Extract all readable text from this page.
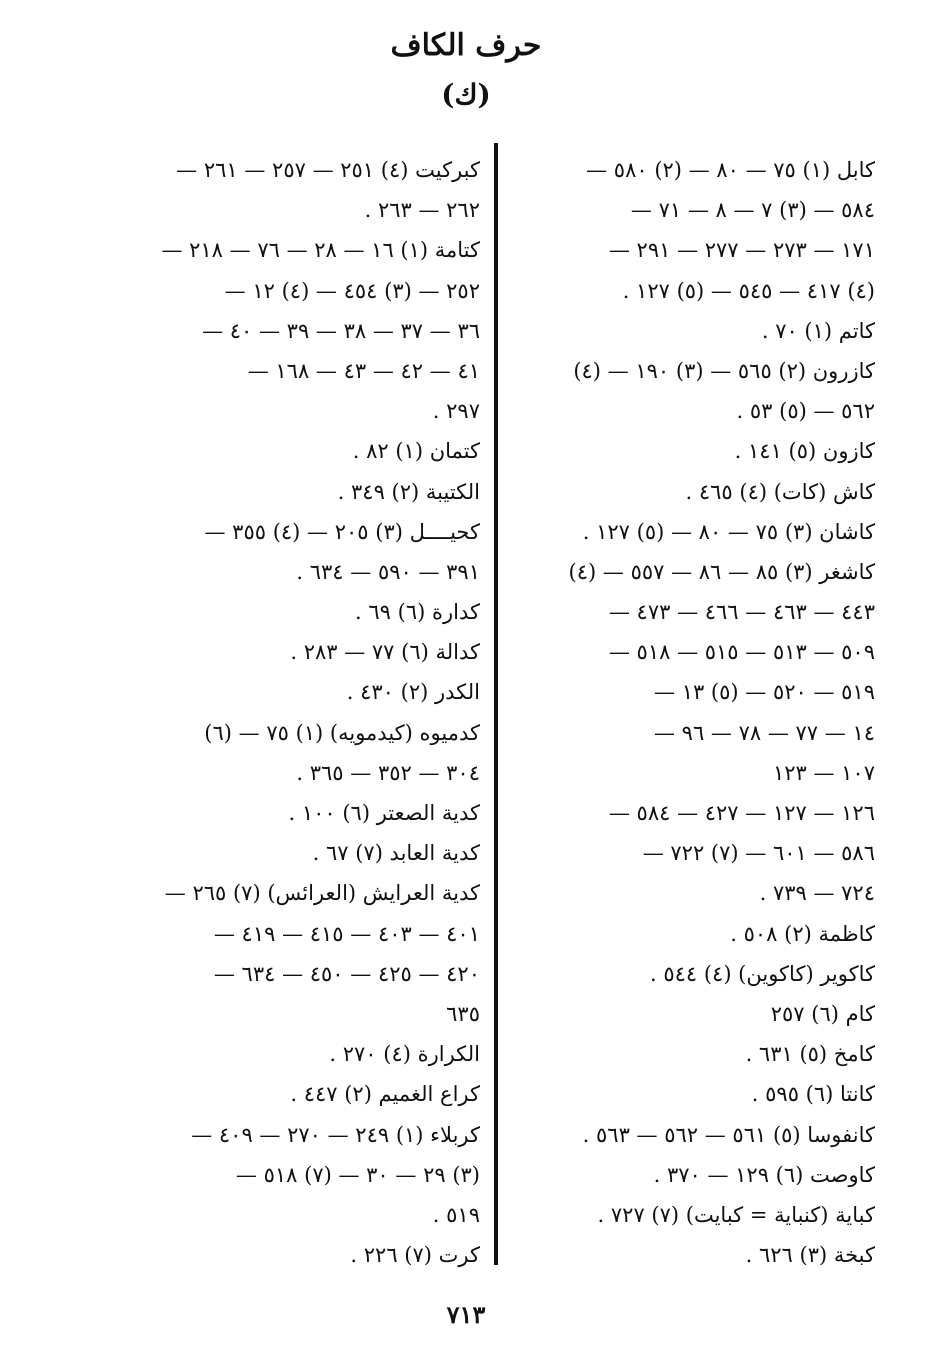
حرف الكاف
(ك)
كابل (١) ٧٥ — ٨٠ — (٢) ٥٨٠ —
٥٨٤ — (٣) ٧ — ٨ — ٧١ —
١٧١ — ٢٧٣ — ٢٧٧ — ٢٩١ —
(٤) ٤١٧ — ٥٤٥ — (٥) ١٢٧ .
كاتم (١) ٧٠ .
كازرون (٢) ٥٦٥ — (٣) ١٩٠ — (٤)
٥٦٢ — (٥) ٥٣ .
كازون (٥) ١٤١ .
كاش (كات) (٤) ٤٦٥ .
كاشان (٣) ٧٥ — ٨٠ — (٥) ١٢٧ .
كاشغر (٣) ٨٥ — ٨٦ — ٥٥٧ — (٤)
٤٤٣ — ٤٦٣ — ٤٦٦ — ٤٧٣ —
٥٠٩ — ٥١٣ — ٥١٥ — ٥١٨ —
٥١٩ — ٥٢٠ — (٥) ١٣ —
١٤ — ٧٧ — ٧٨ — ٩٦ —
١٠٧ — ١٢٣
١٢٦ — ١٢٧ — ٤٢٧ — ٥٨٤ —
٥٨٦ — ٦٠١ — (٧) ٧٢٢ —
٧٢٤ — ٧٣٩ .
كاظمة (٢) ٥٠٨ .
كاكوير (كاكوين) (٤) ٥٤٤ .
كام (٦) ٢٥٧
كامخ (٥) ٦٣١ .
كانتا (٦) ٥٩٥ .
كانفوسا (٥) ٥٦١ — ٥٦٢ — ٥٦٣ .
كاوصت (٦) ١٢٩ — ٣٧٠ .
كباية (كنباية = كبايت) (٧) ٧٢٧ .
كبخة (٣) ٦٢٦ .
كبركيت (٤) ٢٥١ — ٢٥٧ — ٢٦١ —
٢٦٢ — ٢٦٣ .
كتامة (١) ١٦ — ٢٨ — ٧٦ — ٢١٨ —
٢٥٢ — (٣) ٤٥٤ — (٤) ١٢ —
٣٦ — ٣٧ — ٣٨ — ٣٩ — ٤٠ —
٤١ — ٤٢ — ٤٣ — ١٦٨ —
٢٩٧ .
كتمان (١) ٨٢ .
الكتيبة (٢) ٣٤٩ .
كحيــــل (٣) ٢٠٥ — (٤) ٣٥٥ —
٣٩١ — ٥٩٠ — ٦٣٤ .
كدارة (٦) ٦٩ .
كدالة (٦) ٧٧ — ٢٨٣ .
الكدر (٢) ٤٣٠ .
كدميوه (كيدمويه) (١) ٧٥ — (٦)
٣٠٤ — ٣٥٢ — ٣٦٥ .
كدية الصعتر (٦) ١٠٠ .
كدية العابد (٧) ٦٧ .
كدية العرايش (العرائس) (٧) ٢٦٥ —
٤٠١ — ٤٠٣ — ٤١٥ — ٤١٩ —
٤٢٠ — ٤٢٥ — ٤٥٠ — ٦٣٤ —
٦٣٥
الكرارة (٤) ٢٧٠ .
كراع الغميم (٢) ٤٤٧ .
كربلاء (١) ٢٤٩ — ٢٧٠ — ٤٠٩ —
(٣) ٢٩ — ٣٠ — (٧) ٥١٨ —
٥١٩ .
كرت (٧) ٢٢٦ .
٧١٣
